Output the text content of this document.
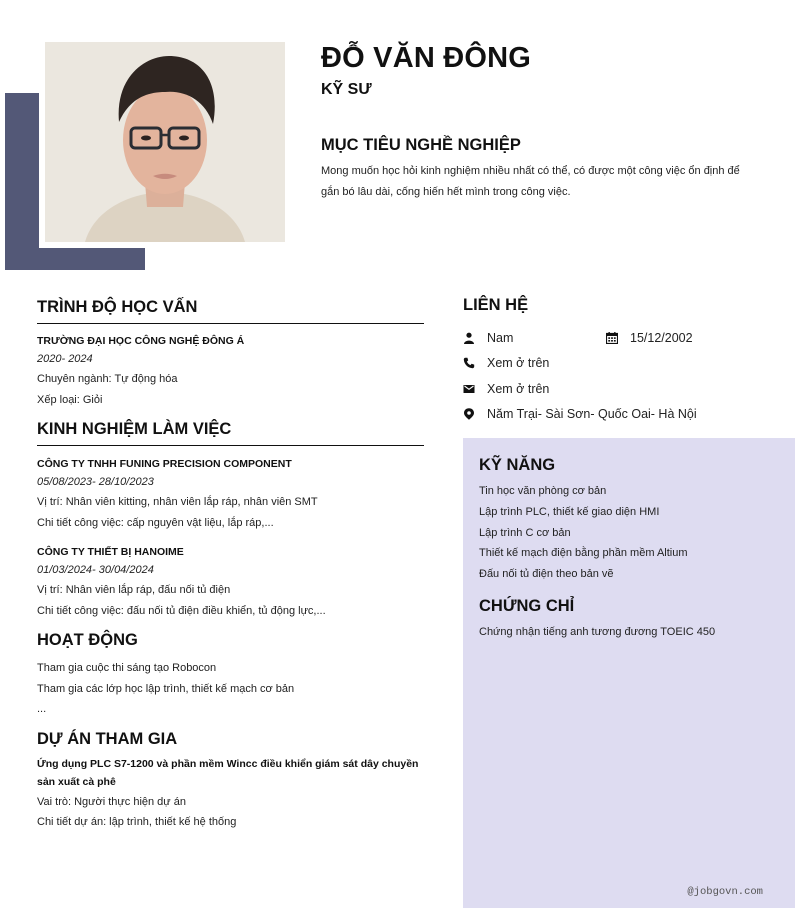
ĐỖ VĂN ĐÔNG
KỸ SƯ
MỤC TIÊU NGHỀ NGHIỆP

Mong muốn học hỏi kinh nghiệm nhiều nhất có thể, có được một công việc ổn định để gắn bó lâu dài, cống hiến hết mình trong công việc.

TRÌNH ĐỘ HỌC VẤN
TRƯỜNG ĐẠI HỌC CÔNG NGHỆ ĐÔNG Á
2020- 2024
Chuyên ngành: Tự động hóa
Xếp loại: Giỏi
KINH NGHIỆM LÀM VIỆC
CÔNG TY TNHH FUNING PRECISION COMPONENT
05/08/2023- 28/10/2023
Vị trí: Nhân viên kitting, nhân viên lắp ráp, nhân viên SMT
Chi tiết công việc: cấp nguyên vật liệu, lắp ráp,...
CÔNG TY THIẾT BỊ HANOIME
01/03/2024- 30/04/2024
Vị trí: Nhân viên lắp ráp, đấu nối tủ điện
Chi tiết công việc: đấu nối tủ điện điều khiển, tủ động lực,...
HOẠT ĐỘNG
Tham gia cuộc thi sáng tạo Robocon
Tham gia các lớp học lập trình, thiết kế mạch cơ bản
...
DỰ ÁN THAM GIA
Ứng dụng PLC S7-1200 và phần mềm Wincc điều khiển giám sát dây chuyền sản xuất cà phê
Vai trò: Người thực hiện dự án
Chi tiết dự án: lập trình, thiết kế hệ thống
LIÊN HỆ
Nam	15/12/2002
Xem ở trên
Xem ở trên
Năm Trại- Sài Sơn- Quốc Oai- Hà Nội
KỸ NĂNG
Tin học văn phòng cơ bản
Lập trình PLC, thiết kế giao diện HMI
Lập trình C cơ bản
Thiết kế mạch điện bằng phần mềm Altium
Đấu nối tủ điện theo bản vẽ
CHỨNG CHỈ
Chứng nhận tiếng anh tương đương TOEIC 450
@jobgovn.com
